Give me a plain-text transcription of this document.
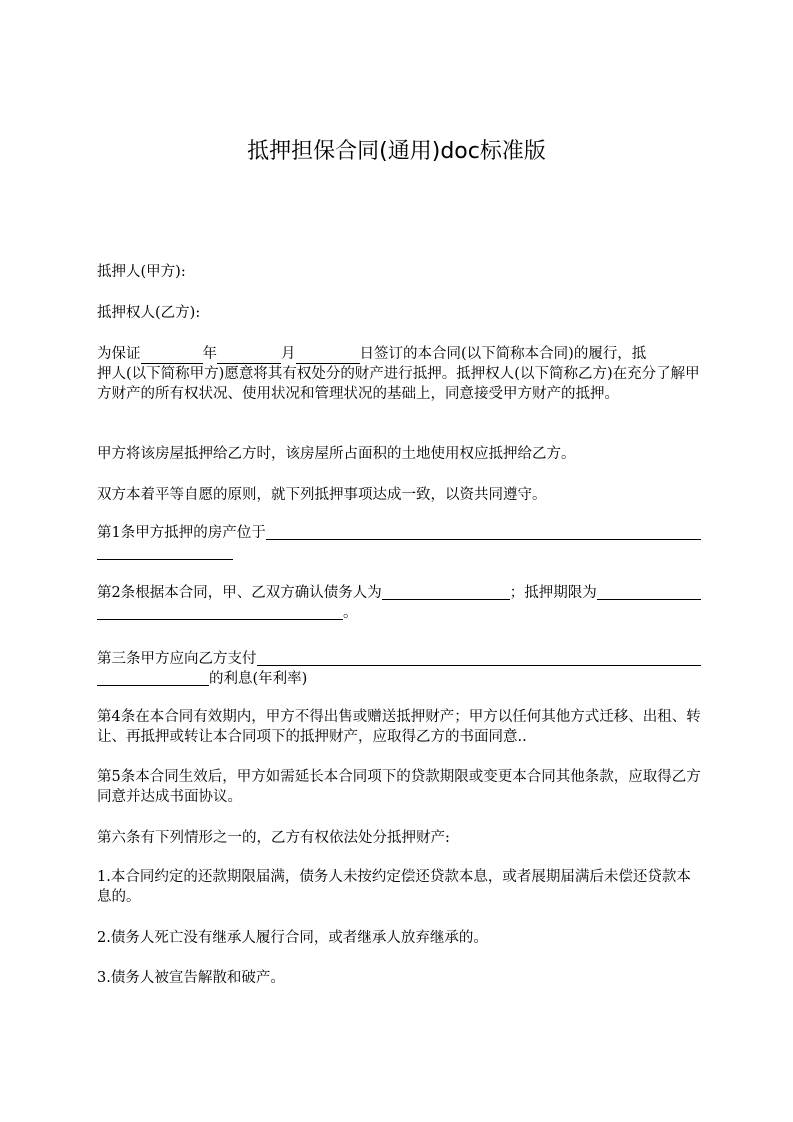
抵押担保合同(通用)doc标准版

抵押人(甲方):

抵押权人(乙方):

为保证	年	月	日签订的本合同(以下简称本合同)的履行，抵
押人(以下简称甲方)愿意将其有权处分的财产进行抵押。抵押权人(以下简称乙方)在充分了解甲方财产的所有权状况、使用状况和管理状况的基础上，同意接受甲方财产的抵押。

甲方将该房屋抵押给乙方时，该房屋所占面积的土地使用权应抵押给乙方。

双方本着平等自愿的原则，就下列抵押事项达成一致，以资共同遵守。

第1条甲方抵押的房产位于
第2条根据本合同，甲、乙双方确认债务人为	；抵押期限为
。
第三条甲方应向乙方支付
的利息(年利率)

第4条在本合同有效期内，甲方不得出售或赠送抵押财产；甲方以任何其他方式迁移、出租、转让、再抵押或转让本合同项下的抵押财产，应取得乙方的书面同意..

第5条本合同生效后，甲方如需延长本合同项下的贷款期限或变更本合同其他条款，应取得乙方同意并达成书面协议。

第六条有下列情形之一的，乙方有权依法处分抵押财产:

1.本合同约定的还款期限届满，债务人未按约定偿还贷款本息，或者展期届满后未偿还贷款本息的。

2.债务人死亡没有继承人履行合同，或者继承人放弃继承的。

3.债务人被宣告解散和破产。
